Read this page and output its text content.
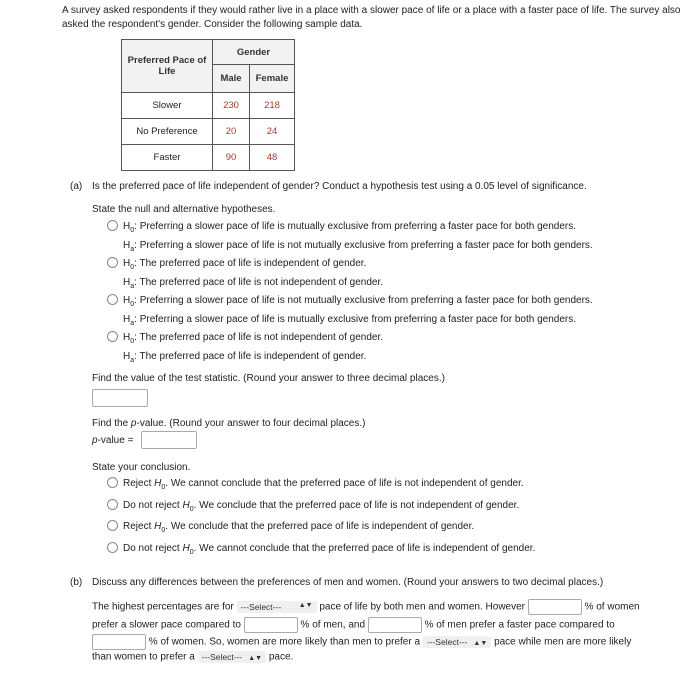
A survey asked respondents if they would rather live in a place with a slower pace of life or a place with a faster pace of life. The survey also asked the respondent's gender. Consider the following sample data.
Preferred Pace of Life	Gender	
	Male	Female
Slower	230	218
No Preference	20	24
Faster	90	48
(a) Is the preferred pace of life independent of gender? Conduct a hypothesis test using a 0.05 level of significance.
State the null and alternative hypotheses.
$H_0$: Preferring a slower pace of life is mutually exclusive from preferring a faster pace for both genders.
$H_a$: Preferring a slower pace of life is not mutually exclusive from preferring a faster pace for both genders.
$H_0$: The preferred pace of life is independent of gender.
$H_a$: The preferred pace of life is not independent of gender.
$H_0$: Preferring a slower pace of life is not mutually exclusive from preferring a faster pace for both genders.
$H_a$: Preferring a slower pace of life is mutually exclusive from preferring a faster pace for both genders.
$H_0$: The preferred pace of life is not independent of gender.
$H_a$: The preferred pace of life is independent of gender.
Find the value of the test statistic. (Round your answer to three decimal places.)
Find the p-value. (Round your answer to four decimal places.)
p-value =
State your conclusion.
Reject $H_0$. We cannot conclude that the preferred pace of life is not independent of gender.
Do not reject $H_0$. We conclude that the preferred pace of life is not independent of gender.
Reject $H_0$. We conclude that the preferred pace of life is independent of gender.
Do not reject $H_0$. We cannot conclude that the preferred pace of life is independent of gender.
(b) Discuss any differences between the preferences of men and women. (Round your answers to two decimal places.)
The highest percentages are for ---Select---	▲▼ pace of life by both men and women. However	% of women
prefer a slower pace compared to	% of men, and	% of men prefer a faster pace compared to
% of women. So, women are more likely than men to prefer a ---Select--- ▲▼ pace while men are more likely
than women to prefer a ---Select--- ▲▼ pace.
